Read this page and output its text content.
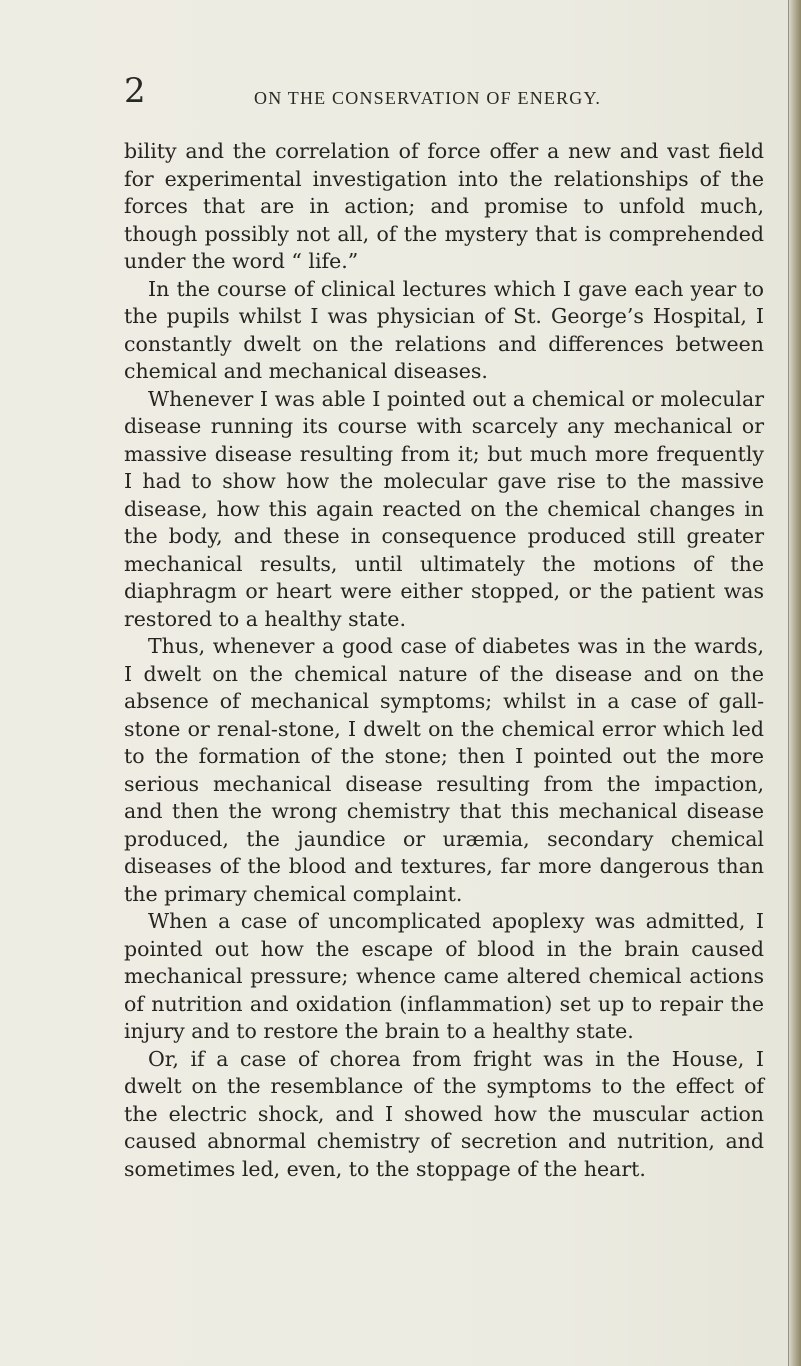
2	ON THE CONSERVATION OF ENERGY.

bility and the correlation of force offer a new and vast field for experimental investigation into the relationships of the forces that are in action; and promise to unfold much, though possibly not all, of the mystery that is comprehended under the word “ life.”

In the course of clinical lectures which I gave each year to the pupils whilst I was physician of St. George’s Hospital, I constantly dwelt on the relations and differences between chemical and mechanical diseases.

Whenever I was able I pointed out a chemical or molecular disease running its course with scarcely any mechanical or massive disease resulting from it; but much more frequently I had to show how the molecular gave rise to the massive disease, how this again reacted on the chemical changes in the body, and these in consequence produced still greater mechanical results, until ultimately the motions of the diaphragm or heart were either stopped, or the patient was restored to a healthy state.

Thus, whenever a good case of diabetes was in the wards, I dwelt on the chemical nature of the disease and on the absence of mechanical symptoms; whilst in a case of gall-stone or renal-stone, I dwelt on the chemical error which led to the formation of the stone; then I pointed out the more serious mechanical disease resulting from the impaction, and then the wrong chemistry that this mechanical disease produced, the jaundice or uræmia, secondary chemical diseases of the blood and textures, far more dangerous than the primary chemical complaint.

When a case of uncomplicated apoplexy was admitted, I pointed out how the escape of blood in the brain caused mechanical pressure; whence came altered chemical actions of nutrition and oxidation (inflammation) set up to repair the injury and to restore the brain to a healthy state.

Or, if a case of chorea from fright was in the House, I dwelt on the resemblance of the symptoms to the effect of the electric shock, and I showed how the muscular action caused abnormal chemistry of secretion and nutrition, and sometimes led, even, to the stoppage of the heart.
